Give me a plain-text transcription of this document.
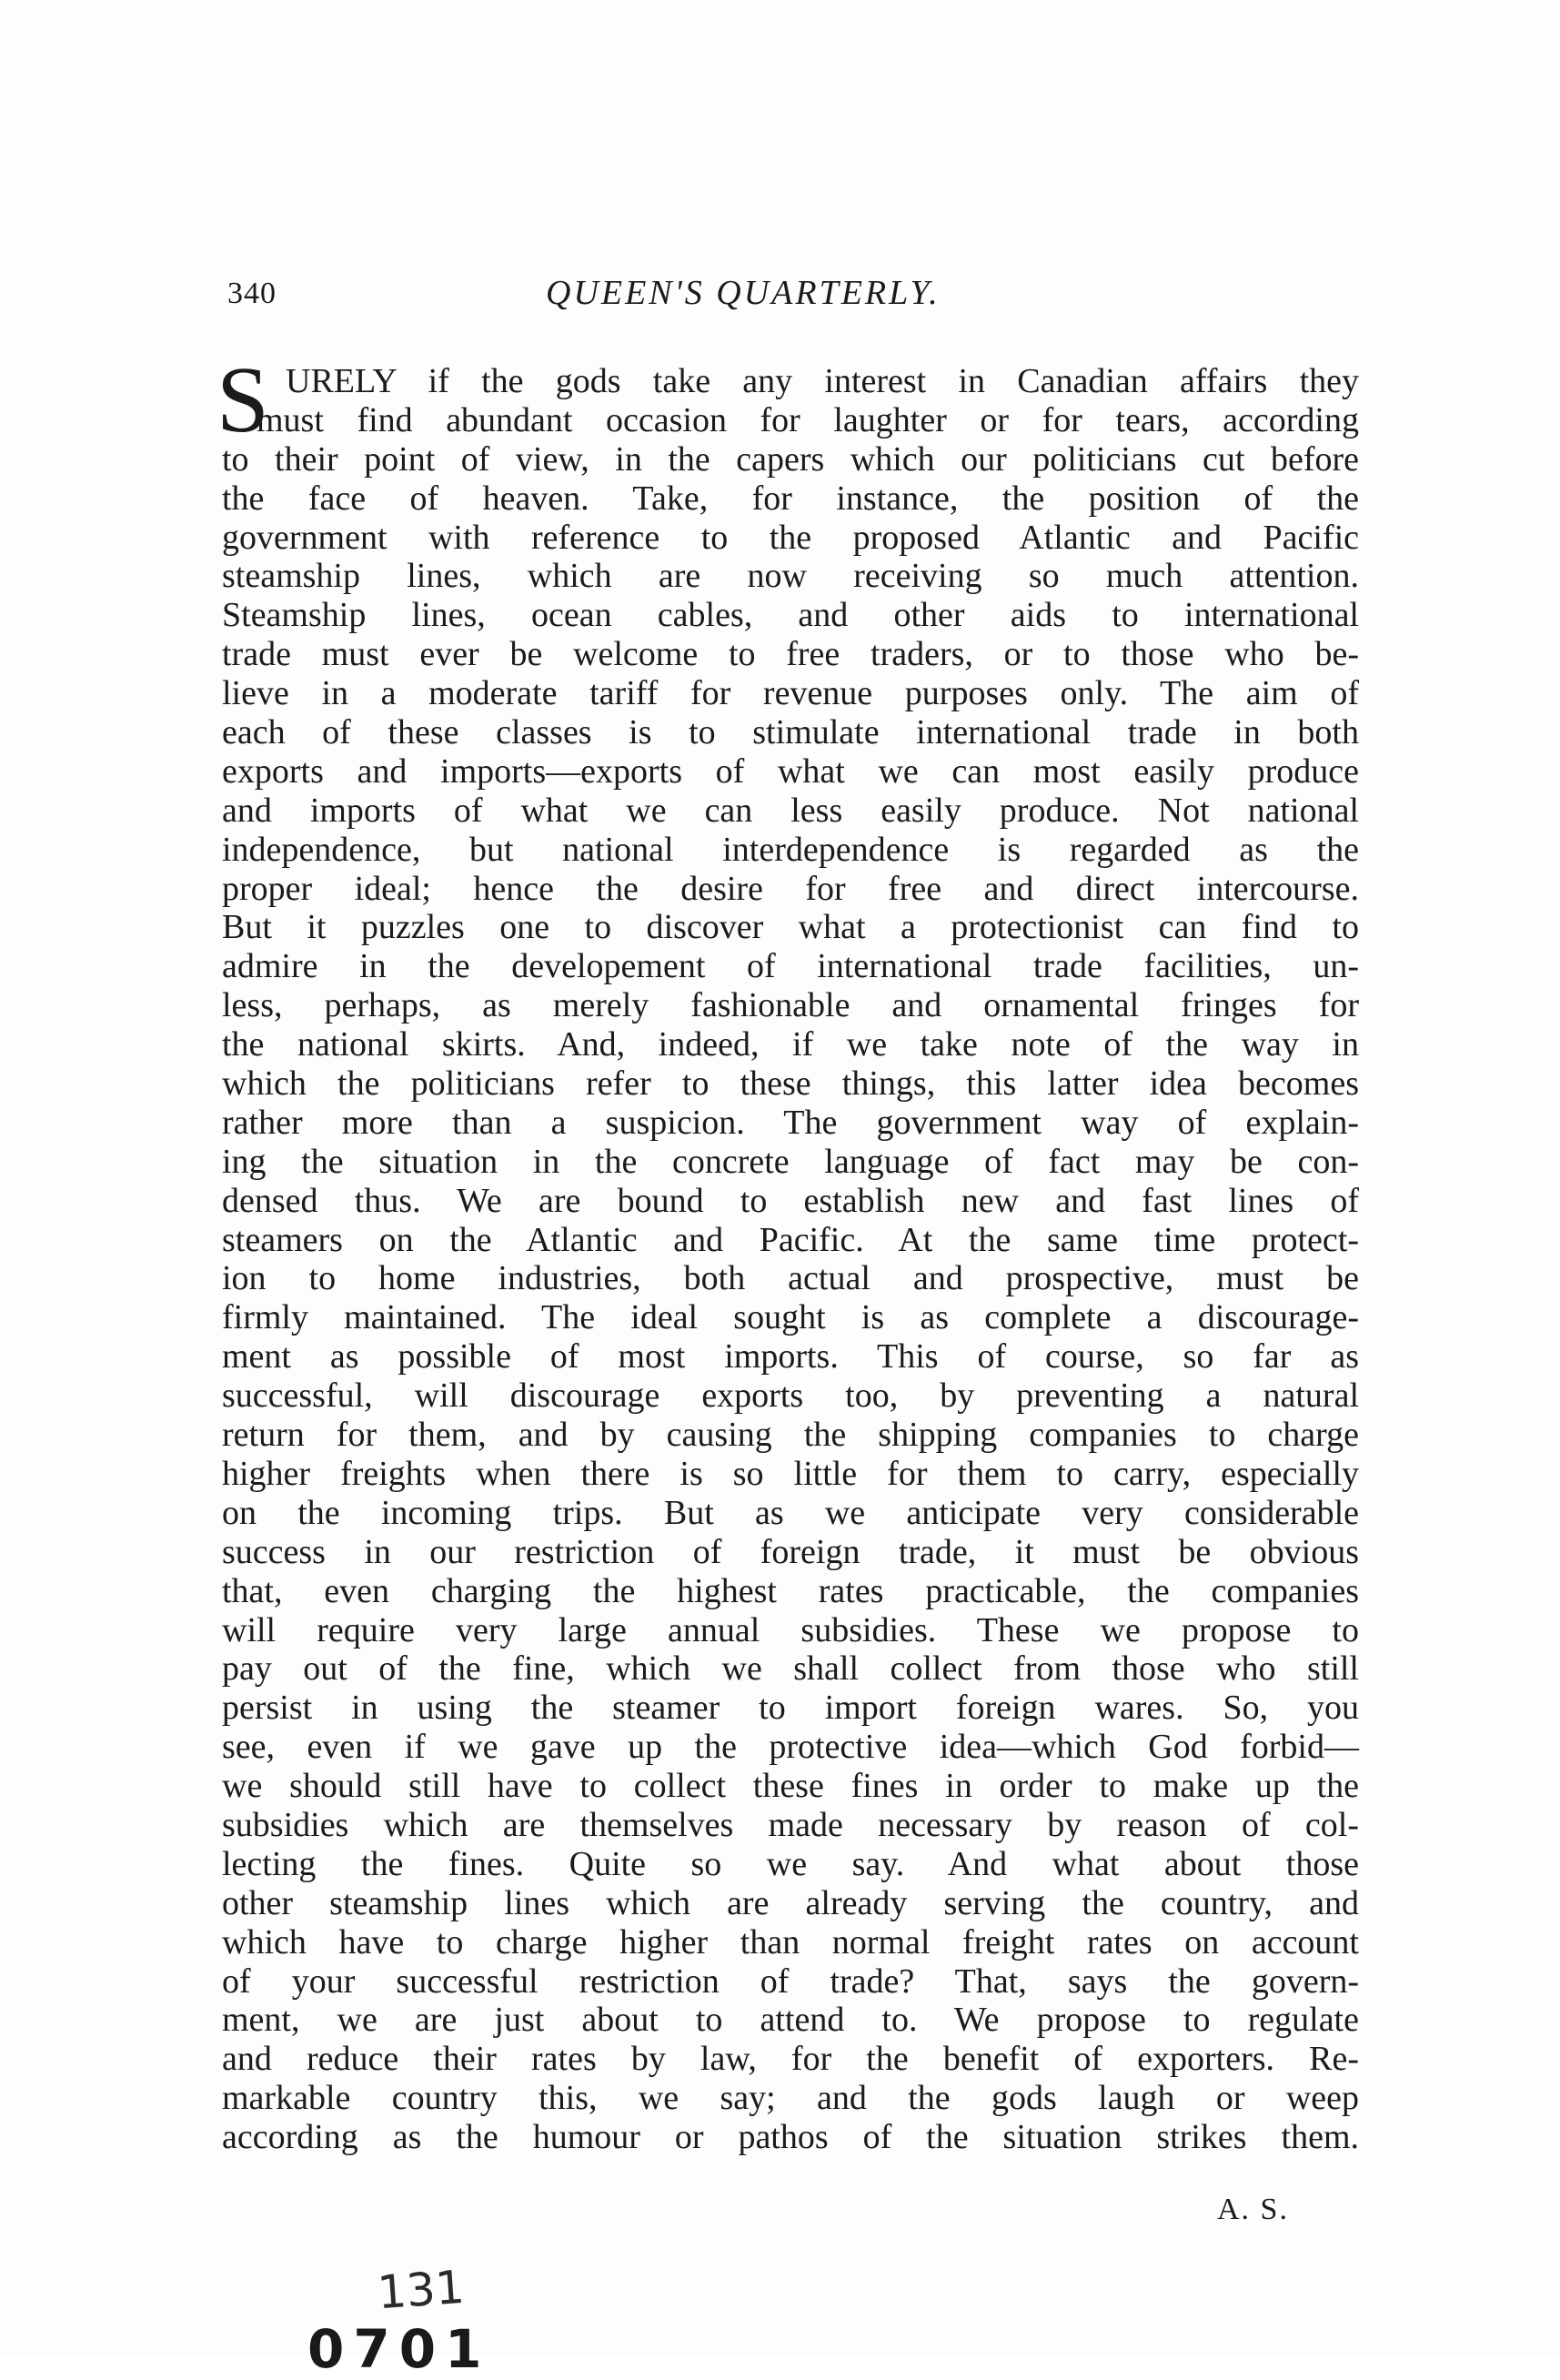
340	QUEEN'S QUARTERLY.
S URELY if the gods take any interest in Canadian affairs they
must find abundant occasion for laughter or for tears, according
to their point of view, in the capers which our politicians cut before
the face of heaven. Take, for instance, the position of the
government with reference to the proposed Atlantic and Pacific
steamship lines, which are now receiving so much attention.
Steamship lines, ocean cables, and other aids to international
trade must ever be welcome to free traders, or to those who be-
lieve in a moderate tariff for revenue purposes only. The aim of
each of these classes is to stimulate international trade in both
exports and imports—exports of what we can most easily produce
and imports of what we can less easily produce. Not national
independence, but national interdependence is regarded as the
proper ideal; hence the desire for free and direct intercourse.
But it puzzles one to discover what a protectionist can find to
admire in the developement of international trade facilities, un-
less, perhaps, as merely fashionable and ornamental fringes for
the national skirts. And, indeed, if we take note of the way in
which the politicians refer to these things, this latter idea becomes
rather more than a suspicion. The government way of explain-
ing the situation in the concrete language of fact may be con-
densed thus. We are bound to establish new and fast lines of
steamers on the Atlantic and Pacific. At the same time protect-
ion to home industries, both actual and prospective, must be
firmly maintained. The ideal sought is as complete a discourage-
ment as possible of most imports. This of course, so far as
successful, will discourage exports too, by preventing a natural
return for them, and by causing the shipping companies to charge
higher freights when there is so little for them to carry, especially
on the incoming trips. But as we anticipate very considerable
success in our restriction of foreign trade, it must be obvious
that, even charging the highest rates practicable, the companies
will require very large annual subsidies. These we propose to
pay out of the fine, which we shall collect from those who still
persist in using the steamer to import foreign wares. So, you
see, even if we gave up the protective idea—which God forbid—
we should still have to collect these fines in order to make up the
subsidies which are themselves made necessary by reason of col-
lecting the fines. Quite so we say. And what about those
other steamship lines which are already serving the country, and
which have to charge higher than normal freight rates on account
of your successful restriction of trade? That, says the govern-
ment, we are just about to attend to. We propose to regulate
and reduce their rates by law, for the benefit of exporters. Re-
markable country this, we say; and the gods laugh or weep
according as the humour or pathos of the situation strikes them.
A. S.
131
0701
